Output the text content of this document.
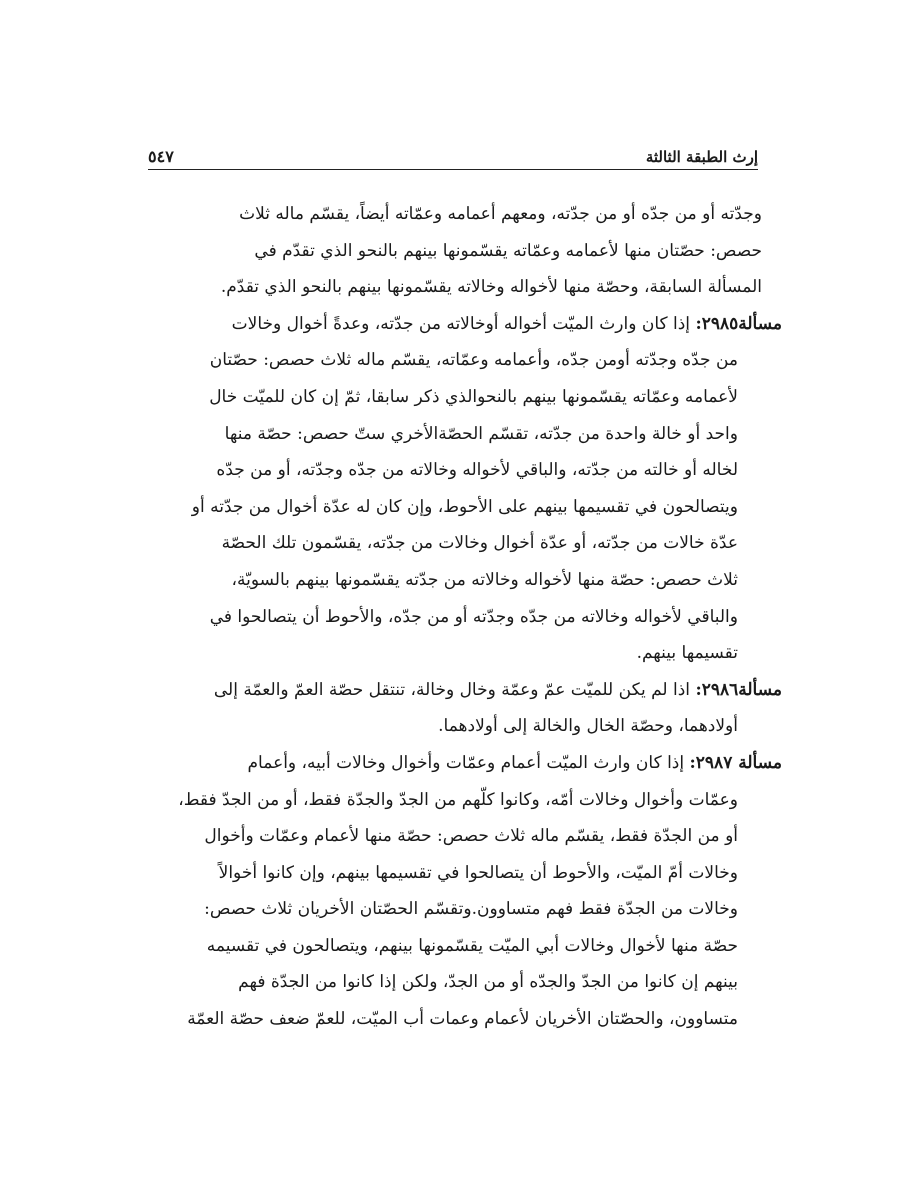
إرث الطبقة الثالثة
٥٤٧
وجدّته أو من جدّه أو من جدّته، ومعهم أعمامه وعمّاته أيضاً، يقسّم ماله ثلاث
حصص: حصّتان منها لأعمامه وعمّاته يقسّمونها بينهم بالنحو الذي تقدّم في
المسألة السابقة، وحصّة منها لأخواله وخالاته يقسّمونها بينهم بالنحو الذي تقدّم.
مسألة٢٩٨٥: إذا كان وارث الميّت أخواله أوخالاته من جدّته، وعدةً أخوال وخالات
من جدّه وجدّته أومن جدّه، وأعمامه وعمّاته، يقسّم ماله ثلاث حصص: حصّتان
لأعمامه وعمّاته يقسّمونها بينهم بالنحوالذي ذكر سابقا، ثمّ إن كان للميّت خال
واحد أو خالة واحدة من جدّته، تقسّم الحصّةالأخري ستّ حصص: حصّة منها
لخاله أو خالته من جدّته، والباقي لأخواله وخالاته من جدّه وجدّته، أو من جدّه
ويتصالحون في تقسيمها بينهم على الأحوط، وإن كان له عدّة أخوال من جدّته أو
عدّة خالات من جدّته، أو عدّة أخوال وخالات من جدّته، يقسّمون تلك الحصّة
ثلاث حصص: حصّة منها لأخواله وخالاته من جدّته يقسّمونها بينهم بالسويّة،
والباقي لأخواله وخالاته من جدّه وجدّته أو من جدّه، والأحوط أن يتصالحوا في
تقسيمها بينهم.
مسألة٢٩٨٦: اذا لم يكن للميّت عمّ وعمّة وخال وخالة، تنتقل حصّة العمّ والعمّة إلى
أولادهما، وحصّة الخال والخالة إلى أولادهما.
مسألة ٢٩٨٧: إذا كان وارث الميّت أعمام وعمّات وأخوال وخالات أبيه، وأعمام
وعمّات وأخوال وخالات أمّه، وكانوا كلّهم من الجدّ والجدّة فقط، أو من الجدّ فقط،
أو من الجدّة فقط، يقسّم ماله ثلاث حصص: حصّة منها لأعمام وعمّات وأخوال
وخالات أمّ الميّت، والأحوط أن يتصالحوا في تقسيمها بينهم، وإن كانوا أخوالاً
وخالات من الجدّة فقط فهم متساوون.وتقسّم الحصّتان الأخريان ثلاث حصص:
حصّة منها لأخوال وخالات أبي الميّت يقسّمونها بينهم، ويتصالحون في تقسيمه
بينهم إن كانوا من الجدّ والجدّه أو من الجدّ، ولكن إذا كانوا من الجدّة فهم
متساوون، والحصّتان الأخريان لأعمام وعمات أب الميّت، للعمّ ضعف حصّة العمّة
